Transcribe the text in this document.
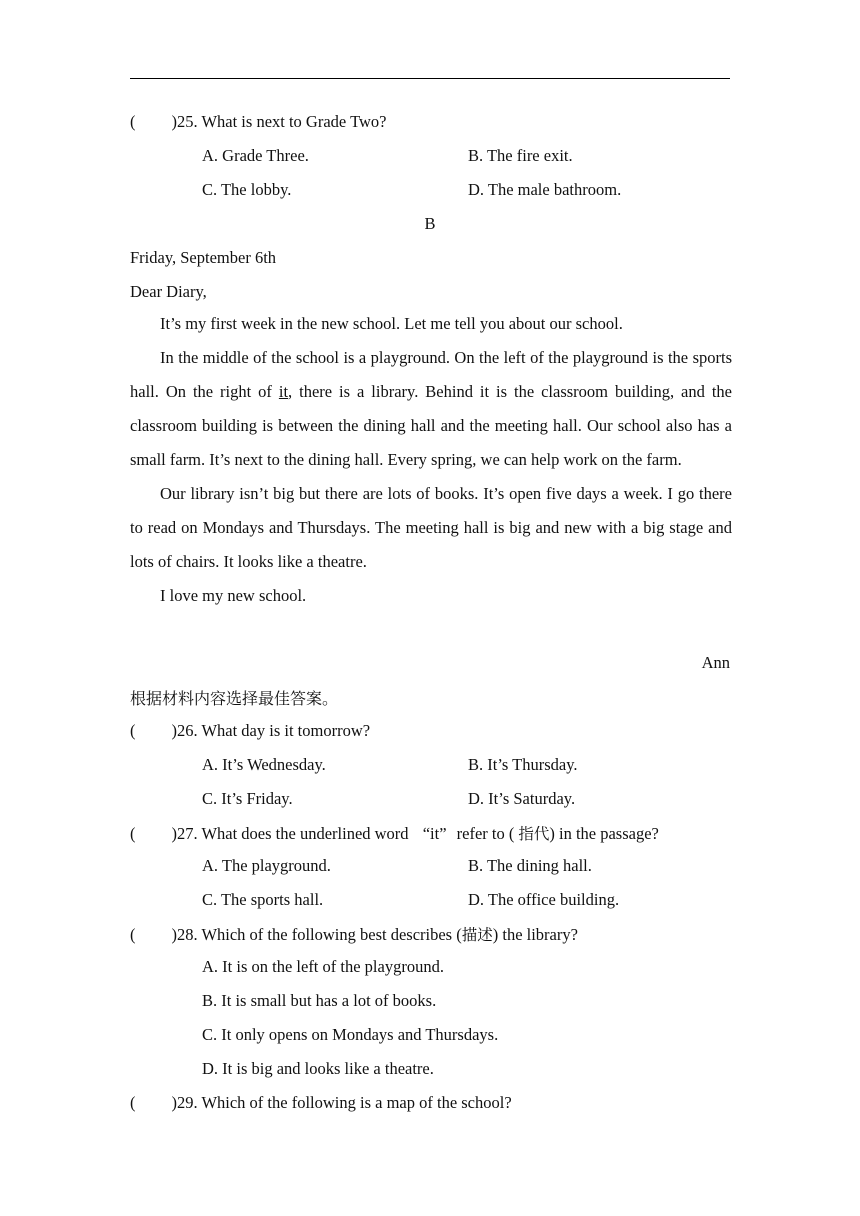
( )25. What is next to Grade Two?
A. Grade Three.	B. The fire exit.
C. The lobby.	D. The male bathroom.
B
Friday, September 6th
Dear Diary,

It’s my first week in the new school. Let me tell you about our school.

In the middle of the school is a playground. On the left of the playground is the sports hall. On the right of it, there is a library. Behind it is the classroom building, and the classroom building is between the dining hall and the meeting hall. Our school also has a small farm. It’s next to the dining hall. Every spring, we can help work on the farm.

Our library isn’t big but there are lots of books. It’s open five days a week. I go there to read on Mondays and Thursdays. The meeting hall is big and new with a big stage and lots of chairs. It looks like a theatre.

I love my new school.

Ann
根据材料内容选择最佳答案。
( )26. What day is it tomorrow?
A. It’s Wednesday.	B. It’s Thursday.
C. It’s Friday.	D. It’s Saturday.
( )27. What does the underlined word “it” refer to ( 指代) in the passage?
A. The playground.	B. The dining hall.
C. The sports hall.	D. The office building.
( )28. Which of the following best describes (描述) the library?
A. It is on the left of the playground.
B. It is small but has a lot of books.
C. It only opens on Mondays and Thursdays.
D. It is big and looks like a theatre.
( )29. Which of the following is a map of the school?
